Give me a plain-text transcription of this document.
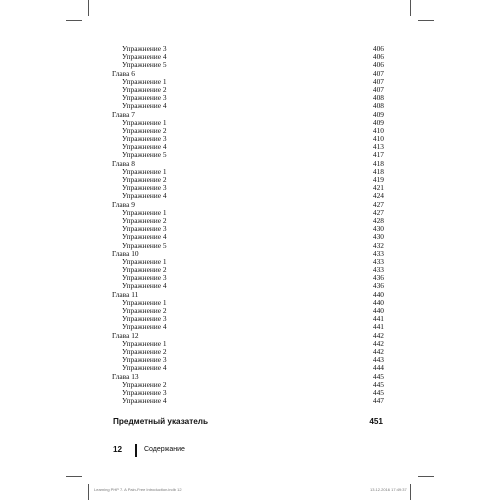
Упражнение 3	406
Упражнение 4	406
Упражнение 5	406
Глава 6	407
Упражнение 1	407
Упражнение 2	407
Упражнение 3	408
Упражнение 4	408
Глава 7	409
Упражнение 1	409
Упражнение 2	410
Упражнение 3	410
Упражнение 4	413
Упражнение 5	417
Глава 8	418
Упражнение 1	418
Упражнение 2	419
Упражнение 3	421
Упражнение 4	424
Глава 9	427
Упражнение 1	427
Упражнение 2	428
Упражнение 3	430
Упражнение 4	430
Упражнение 5	432
Глава 10	433
Упражнение 1	433
Упражнение 2	433
Упражнение 3	436
Упражнение 4	436
Глава 11	440
Упражнение 1	440
Упражнение 2	440
Упражнение 3	441
Упражнение 4	441
Глава 12	442
Упражнение 1	442
Упражнение 2	442
Упражнение 3	443
Упражнение 4	444
Глава 13	445
Упражнение 2	445
Упражнение 3	445
Упражнение 4	447
Предметный указатель	451
12	Содержание
Learning PHP 7. A Pain-Free Introduction.indb 12	13.12.2016 17:49:37
